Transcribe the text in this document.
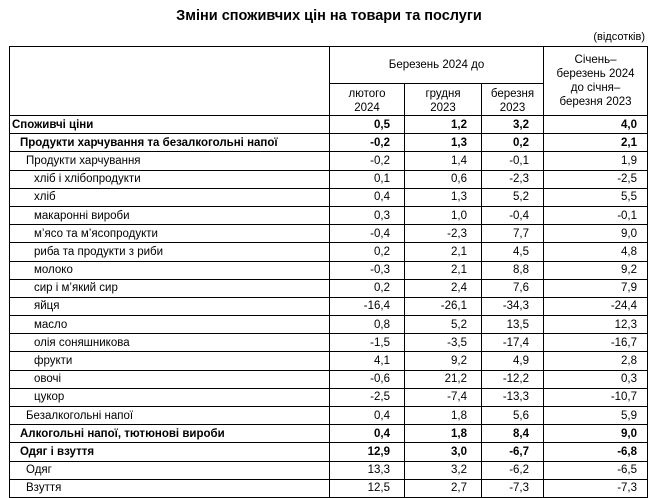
Зміни споживчих цін на товари та послуги
(відсотків)
	Березень 2024 до			Січень–березень 2024 до січня–березня 2023
	лютого 2024	грудня 2023	березня 2023	
Споживчі ціни	0,5	1,2	3,2	4,0
Продукти харчування та безалкогольні напої	-0,2	1,3	0,2	2,1
Продукти харчування	-0,2	1,4	-0,1	1,9
хліб і хлібопродукти	0,1	0,6	-2,3	-2,5
хліб	0,4	1,3	5,2	5,5
макаронні вироби	0,3	1,0	-0,4	-0,1
м’ясо та м’ясопродукти	-0,4	-2,3	7,7	9,0
риба та продукти з риби	0,2	2,1	4,5	4,8
молоко	-0,3	2,1	8,8	9,2
сир і м’який сир	0,2	2,4	7,6	7,9
яйця	-16,4	-26,1	-34,3	-24,4
масло	0,8	5,2	13,5	12,3
олія соняшникова	-1,5	-3,5	-17,4	-16,7
фрукти	4,1	9,2	4,9	2,8
овочі	-0,6	21,2	-12,2	0,3
цукор	-2,5	-7,4	-13,3	-10,7
Безалкогольні напої	0,4	1,8	5,6	5,9
Алкогольні напої, тютюнові вироби	0,4	1,8	8,4	9,0
Одяг і взуття	12,9	3,0	-6,7	-6,8
Одяг	13,3	3,2	-6,2	-6,5
Взуття	12,5	2,7	-7,3	-7,3
